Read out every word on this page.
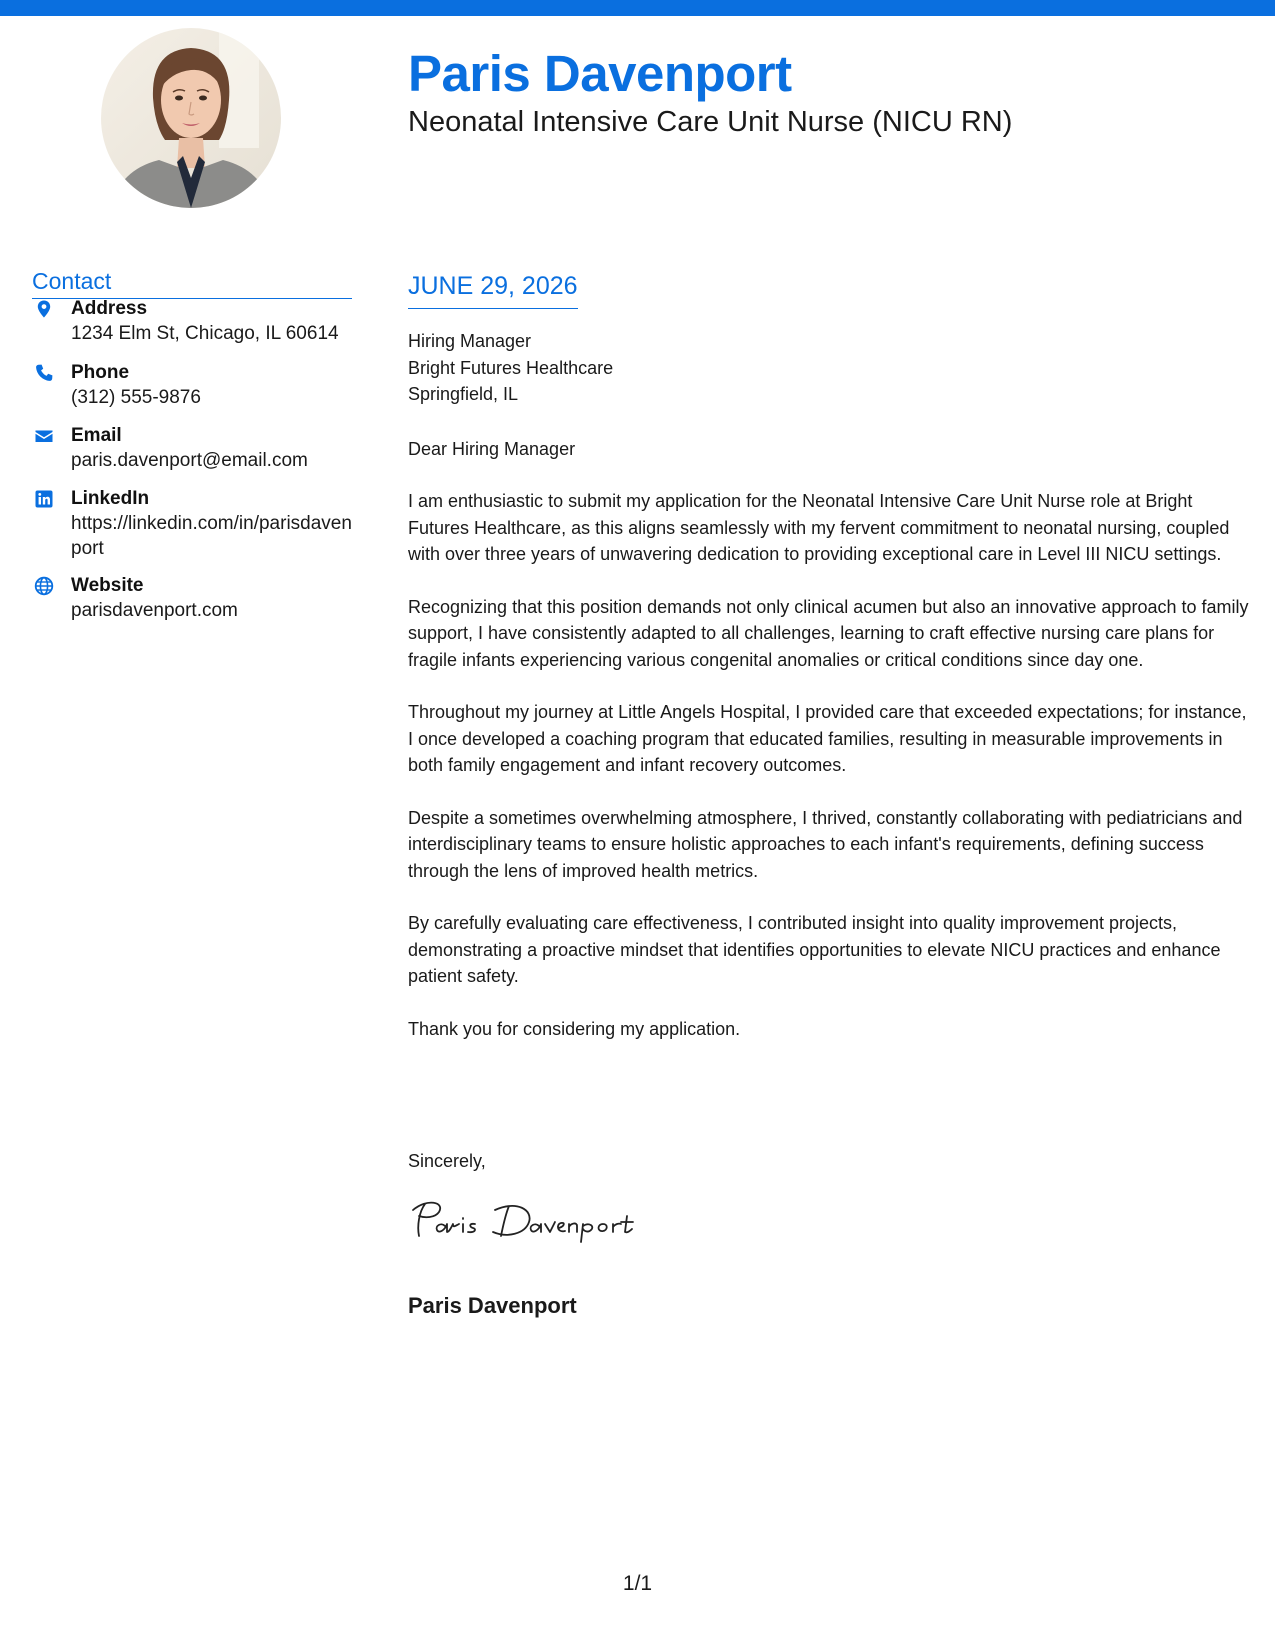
Paris Davenport
Neonatal Intensive Care Unit Nurse (NICU RN)
Contact
Address
1234 Elm St, Chicago, IL 60614
Phone
(312) 555-9876
Email
paris.davenport@email.com
LinkedIn
https://linkedin.com/in/parisdavenport
Website
parisdavenport.com
JUNE 29, 2026
Hiring Manager
Bright Futures Healthcare
Springfield, IL
Dear Hiring Manager

I am enthusiastic to submit my application for the Neonatal Intensive Care Unit Nurse role at Bright Futures Healthcare, as this aligns seamlessly with my fervent commitment to neonatal nursing, coupled with over three years of unwavering dedication to providing exceptional care in Level III NICU settings.

Recognizing that this position demands not only clinical acumen but also an innovative approach to family support, I have consistently adapted to all challenges, learning to craft effective nursing care plans for fragile infants experiencing various congenital anomalies or critical conditions since day one.

Throughout my journey at Little Angels Hospital, I provided care that exceeded expectations; for instance, I once developed a coaching program that educated families, resulting in measurable improvements in both family engagement and infant recovery outcomes.

Despite a sometimes overwhelming atmosphere, I thrived, constantly collaborating with pediatricians and interdisciplinary teams to ensure holistic approaches to each infant's requirements, defining success through the lens of improved health metrics.

By carefully evaluating care effectiveness, I contributed insight into quality improvement projects, demonstrating a proactive mindset that identifies opportunities to elevate NICU practices and enhance patient safety.

Thank you for considering my application.

Sincerely,
Paris Davenport
1/1
